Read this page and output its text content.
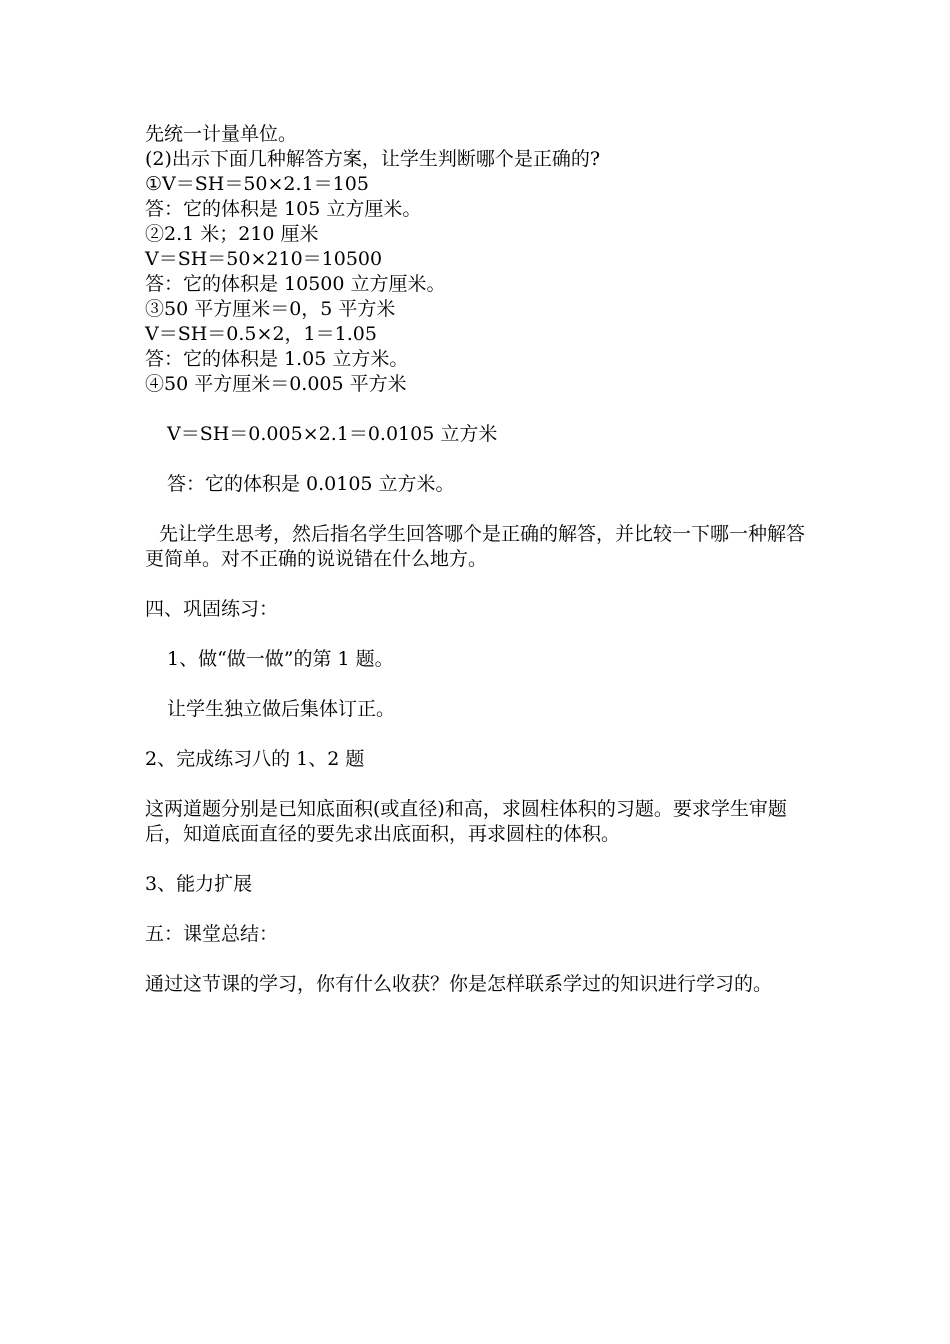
先统一计量单位。
(2)出示下面几种解答方案，让学生判断哪个是正确的?
①V＝SH＝50×2.1＝105
答：它的体积是 105 立方厘米。
②2.1 米；210 厘米
V＝SH＝50×210＝10500
答：它的体积是 10500 立方厘米。
③50 平方厘米＝0，5 平方米
V＝SH＝0.5×2，1＝1.05
答：它的体积是 1.05 立方米。
④50 平方厘米＝0.005 平方米
V＝SH＝0.005×2.1＝0.0105 立方米
答：它的体积是 0.0105 立方米。
先让学生思考，然后指名学生回答哪个是正确的解答，并比较一下哪一种解答更简单。对不正确的说说错在什么地方。
四、巩固练习：
1、做“做一做”的第 1 题。
让学生独立做后集体订正。
2、完成练习八的 1、2 题
这两道题分别是已知底面积(或直径)和高，求圆柱体积的习题。要求学生审题后，知道底面直径的要先求出底面积，再求圆柱的体积。
3、能力扩展
五：课堂总结：
通过这节课的学习，你有什么收获？你是怎样联系学过的知识进行学习的。
